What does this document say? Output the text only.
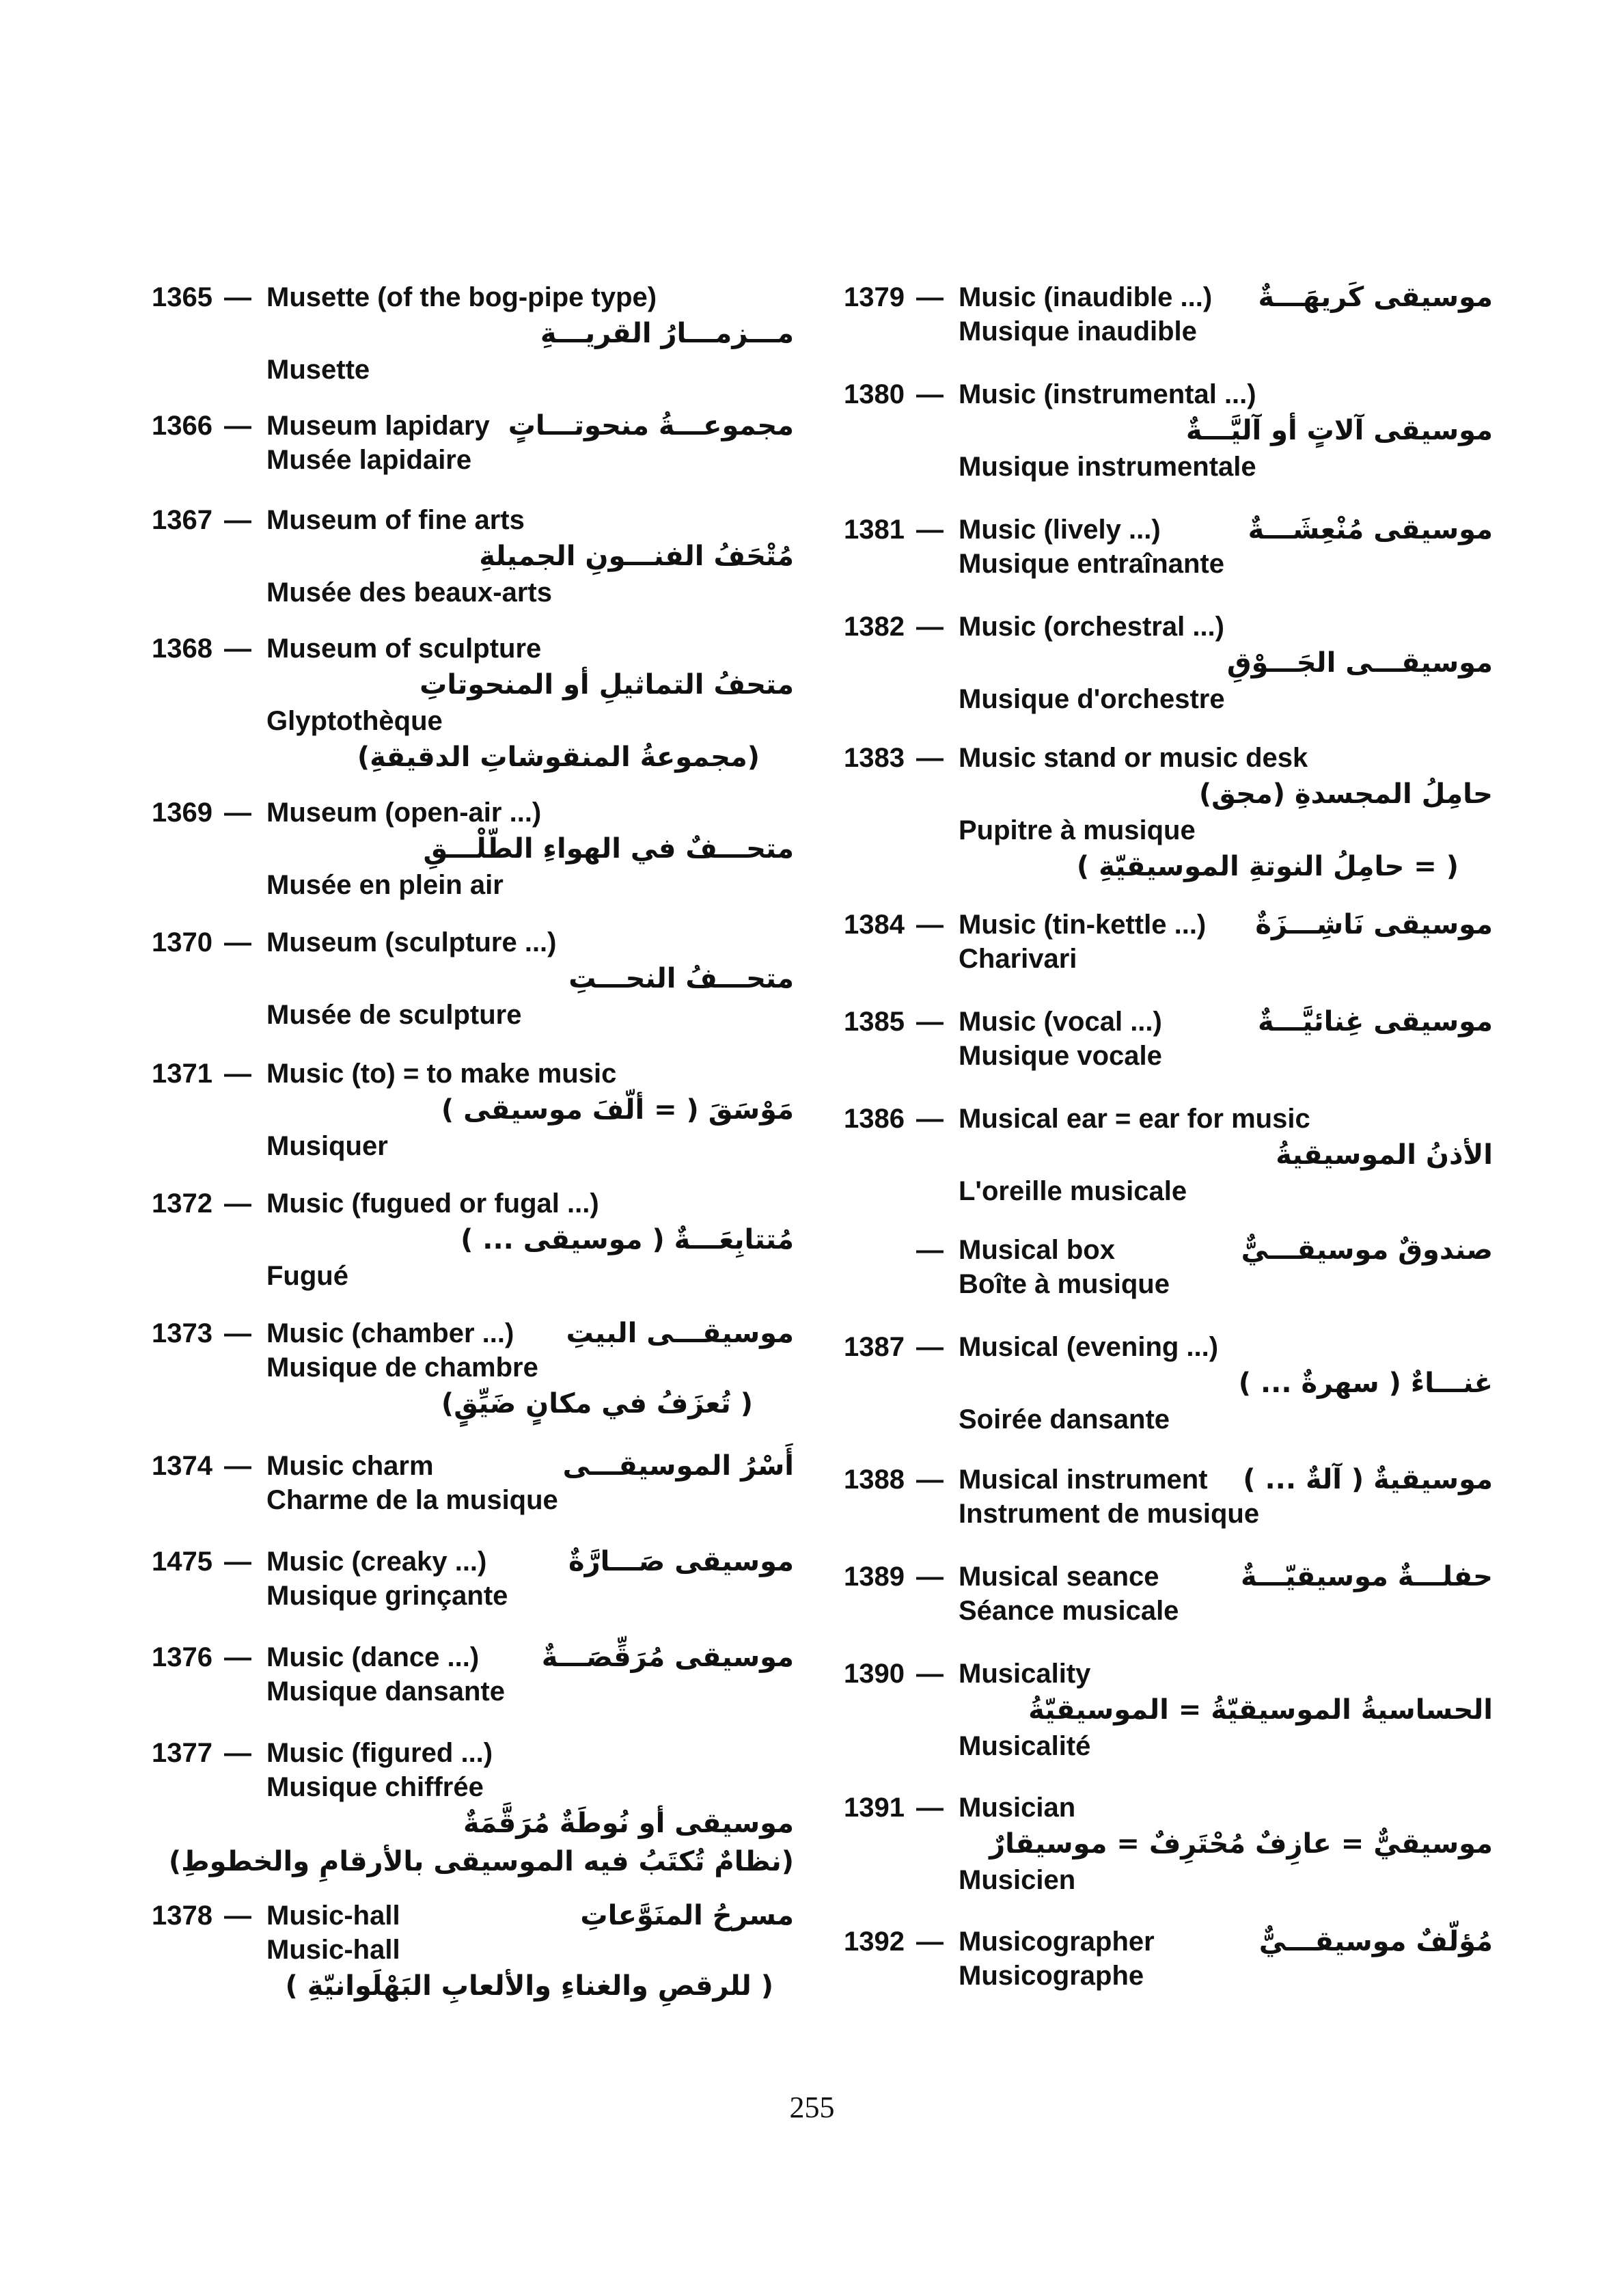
1365 — Musette (of the bog-pipe type)
مـــزمـــارُ القريـــةِ
Musette
1366 — Museum lapidary مجموعـــةُ منحوتـــاتٍ
Musée lapidaire
1367 — Museum of fine arts
مُتْحَفُ الفنـــونِ الجميلةِ
Musée des beaux-arts
1368 — Museum of sculpture
متحفُ التماثيلِ أو المنحوتاتِ
Glyptothèque
(مجموعةُ المنقوشاتِ الدقيقةِ)
1369 — Museum (open-air ...)
متحـــفٌ في الهواءِ الطّلْـــقِ
Musée en plein air
1370 — Museum (sculpture ...)
متحـــفُ النحـــتِ
Musée de sculpture
1371 — Music (to) = to make music
مَوْسَقَ ( = ألّفَ موسيقى )
Musiquer
1372 — Music (fugued or fugal ...)
مُتتابِعَـــةٌ ( موسيقى ... )
Fugué
1373 — Music (chamber ...) موسيقـــى البيتِ
Musique de chambre
( تُعزَفُ في مكانٍ ضَيِّقٍ)
1374 — Music charm	أَسْرُ الموسيقـــى
Charme de la musique
1475 — Music (creaky ...)	موسيقى صَـــارَّةٌ
Musique grinçante
1376 — Music (dance ...) موسيقى مُرَقِّصَـــةٌ
Musique dansante
1377 — Music (figured ...)
Musique chiffrée
موسيقى أو نُوطَةٌ مُرَقَّمَةٌ
(نظامٌ تُكتَبُ فيه الموسيقى بالأرقامِ والخطوطِ)
1378 — Music-hall	مسرحُ المنَوَّعاتِ
Music-hall
( للرقصِ والغناءِ والألعابِ البَهْلَوانيّةِ )
1379 — Music (inaudible ...) موسيقى كَريهَـــةٌ
Musique inaudible
1380 — Music (instrumental ...)
موسيقى آلاتٍ أو آليَّـــةٌ
Musique instrumentale
1381 — Music (lively ...)	موسيقى مُنْعِشَـــةٌ
Musique entraînante
1382 — Music (orchestral ...)
موسيقـــى الجَـــوْقِ
Musique d'orchestre
1383 — Music stand or music desk
حامِلُ المجسدةِ (مجق)
Pupitre à musique
( = حامِلُ النوتةِ الموسيقيّةِ )
1384 — Music (tin-kettle ...) موسيقى نَاشِـــزَةٌ
Charivari
1385 — Music (vocal ...)	موسيقى غِنائيَّـــةٌ
Musique vocale
1386 — Musical ear = ear for music
الأذنُ الموسيقيةُ
L'oreille musicale
— Musical box	صندوقٌ موسيقـــيٌّ
Boîte à musique
1387 — Musical (evening ...)
غنـــاءٌ ( سهرةٌ ... )
Soirée dansante
1388 — Musical instrument موسيقيةٌ ( آلةٌ ... )
Instrument de musique
1389 — Musical seance	حفلـــةٌ موسيقيّـــةٌ
Séance musicale
1390 — Musicality
الحساسيةُ الموسيقيّةُ = الموسيقيّةُ
Musicalité
1391 — Musician
موسيقيٌّ = عازِفٌ مُحْتَرِفٌ = موسيقارٌ
Musicien
1392 — Musicographer	مُؤلّفٌ موسيقـــيٌّ
Musicographe
255
